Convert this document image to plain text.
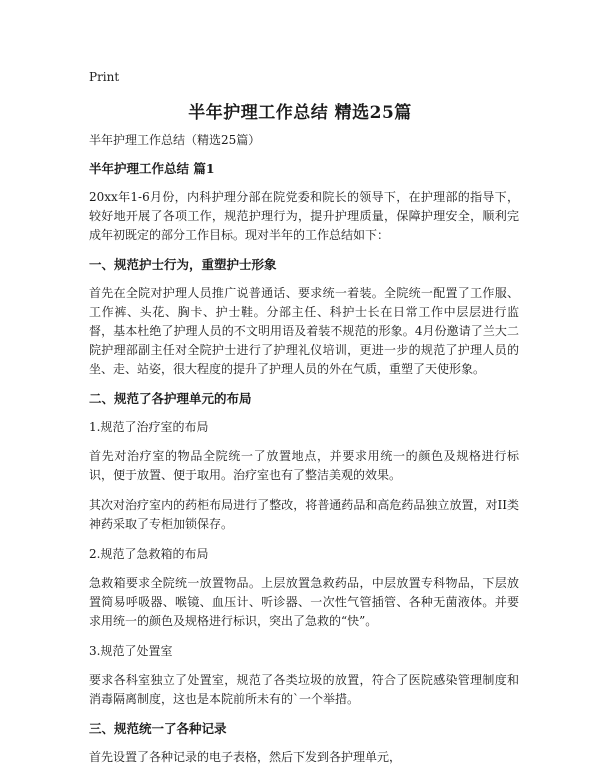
Print
半年护理工作总结 精选25篇
半年护理工作总结（精选25篇）
半年护理工作总结 篇1
20xx年1-6月份，内科护理分部在院党委和院长的领导下，在护理部的指导下，较好地开展了各项工作，规范护理行为，提升护理质量，保障护理安全，顺利完成年初既定的部分工作目标。现对半年的工作总结如下：
一、规范护士行为，重塑护士形象
首先在全院对护理人员推广说普通话、要求统一着装。全院统一配置了工作服、工作裤、头花、胸卡、护士鞋。分部主任、科护士长在日常工作中层层进行监督，基本杜绝了护理人员的不文明用语及着装不规范的形象。4月份邀请了兰大二院护理部副主任对全院护士进行了护理礼仪培训，更进一步的规范了护理人员的坐、走、站姿，很大程度的提升了护理人员的外在气质，重塑了天使形象。
二、规范了各护理单元的布局
1.规范了治疗室的布局
首先对治疗室的物品全院统一了放置地点，并要求用统一的颜色及规格进行标识，便于放置、便于取用。治疗室也有了整洁美观的效果。
其次对治疗室内的药柜布局进行了整改，将普通药品和高危药品独立放置，对II类神药采取了专柜加锁保存。
2.规范了急救箱的布局
急救箱要求全院统一放置物品。上层放置急救药品，中层放置专科物品，下层放置简易呼吸器、喉镜、血压计、听诊器、一次性气管插管、各种无菌液体。并要求用统一的颜色及规格进行标识，突出了急救的“快”。
3.规范了处置室
要求各科室独立了处置室，规范了各类垃圾的放置，符合了医院感染管理制度和消毒隔离制度，这也是本院前所未有的`一个举措。
三、规范统一了各种记录
首先设置了各种记录的电子表格，然后下发到各护理单元，
